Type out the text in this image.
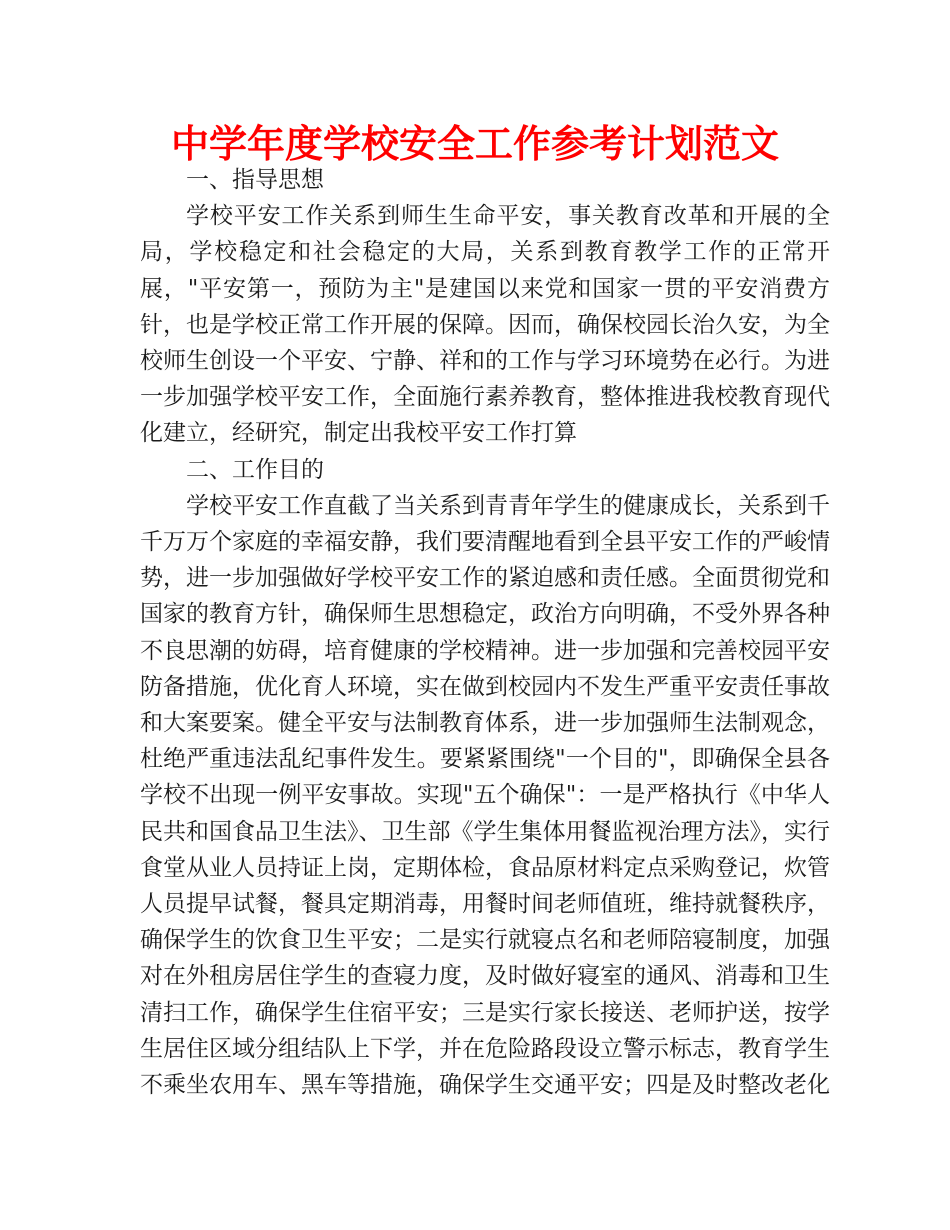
中学年度学校安全工作参考计划范文
一、指导思想

学校平安工作关系到师生生命平安，事关教育改革和开展的全局，学校稳定和社会稳定的大局，关系到教育教学工作的正常开展，"平安第一，预防为主"是建国以来党和国家一贯的平安消费方针，也是学校正常工作开展的保障。因而，确保校园长治久安，为全校师生创设一个平安、宁静、祥和的工作与学习环境势在必行。为进一步加强学校平安工作，全面施行素养教育，整体推进我校教育现代化建立，经研究，制定出我校平安工作打算

二、工作目的

学校平安工作直截了当关系到青青年学生的健康成长，关系到千千万万个家庭的幸福安静，我们要清醒地看到全县平安工作的严峻情势，进一步加强做好学校平安工作的紧迫感和责任感。全面贯彻党和国家的教育方针，确保师生思想稳定，政治方向明确，不受外界各种不良思潮的妨碍，培育健康的学校精神。进一步加强和完善校园平安防备措施，优化育人环境，实在做到校园内不发生严重平安责任事故和大案要案。健全平安与法制教育体系，进一步加强师生法制观念，杜绝严重违法乱纪事件发生。要紧紧围绕"一个目的"，即确保全县各学校不出现一例平安事故。实现"五个确保"：一是严格执行《中华人民共和国食品卫生法》、卫生部《学生集体用餐监视治理方法》，实行食堂从业人员持证上岗，定期体检，食品原材料定点采购登记，炊管人员提早试餐，餐具定期消毒，用餐时间老师值班，维持就餐秩序，确保学生的饮食卫生平安；二是实行就寝点名和老师陪寝制度，加强对在外租房居住学生的查寝力度，及时做好寝室的通风、消毒和卫生清扫工作，确保学生住宿平安；三是实行家长接送、老师护送，按学生居住区域分组结队上下学，并在危险路段设立警示标志，教育学生不乘坐农用车、黑车等措施，确保学生交通平安；四是及时整改老化
